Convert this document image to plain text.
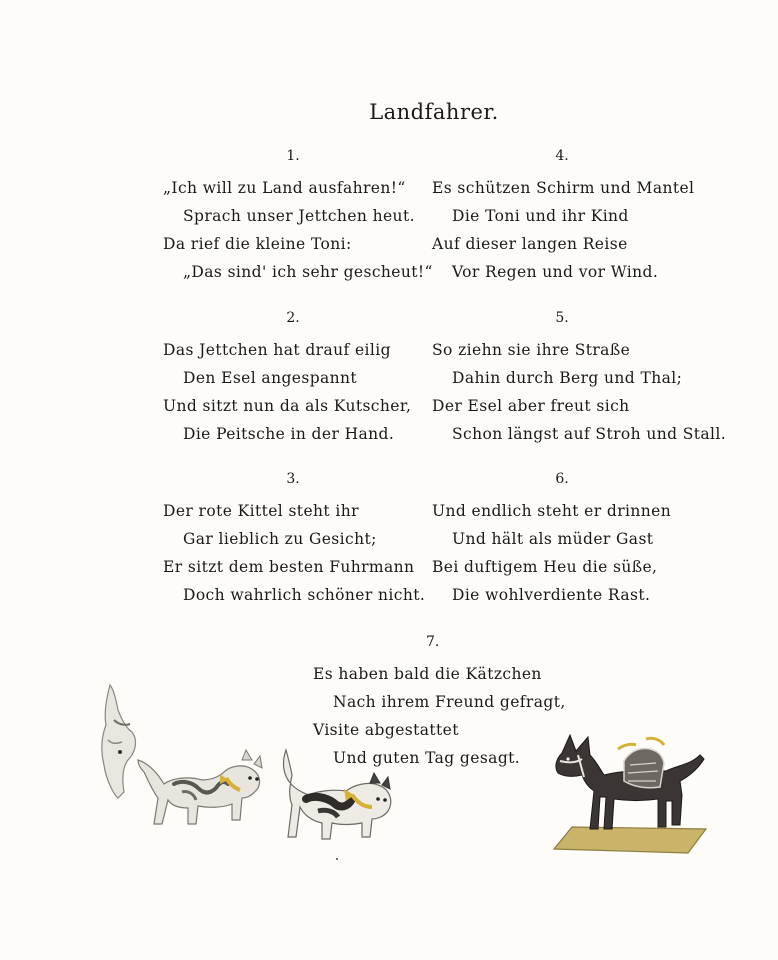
Landfahrer.
1.
„Ich will zu Land ausfahren!“
Sprach unser Jettchen heut.
Da rief die kleine Toni:
„Das sind' ich sehr gescheut!“
2.
Das Jettchen hat drauf eilig
Den Esel angespannt
Und sitzt nun da als Kutscher,
Die Peitsche in der Hand.
3.
Der rote Kittel steht ihr
Gar lieblich zu Gesicht;
Er sitzt dem besten Fuhrmann
Doch wahrlich schöner nicht.
4.
Es schützen Schirm und Mantel
Die Toni und ihr Kind
Auf dieser langen Reise
Vor Regen und vor Wind.
5.
So ziehn sie ihre Straße
Dahin durch Berg und Thal;
Der Esel aber freut sich
Schon längst auf Stroh und Stall.
6.
Und endlich steht er drinnen
Und hält als müder Gast
Bei duftigem Heu die süße,
Die wohlverdiente Rast.
7.
Es haben bald die Kätzchen
Nach ihrem Freund gefragt,
Visite abgestattet
Und guten Tag gesagt.
